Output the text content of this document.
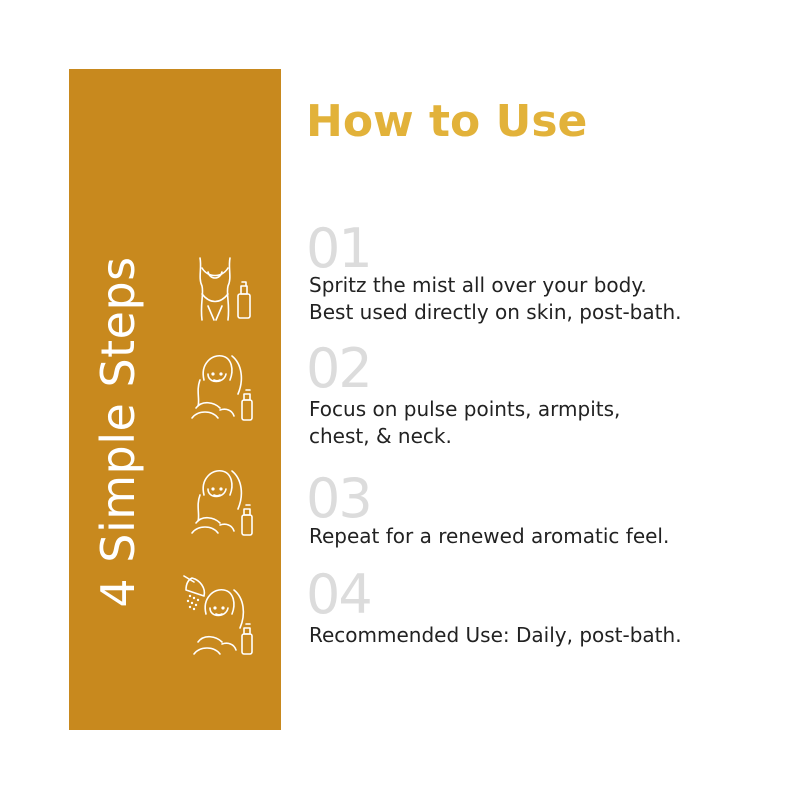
4 Simple Steps
How to Use
01
Spritz the mist all over your body.
Best used directly on skin, post-bath.
02
Focus on pulse points, armpits,
chest, & neck.
03
Repeat for a renewed aromatic feel.
04
Recommended Use: Daily, post-bath.
